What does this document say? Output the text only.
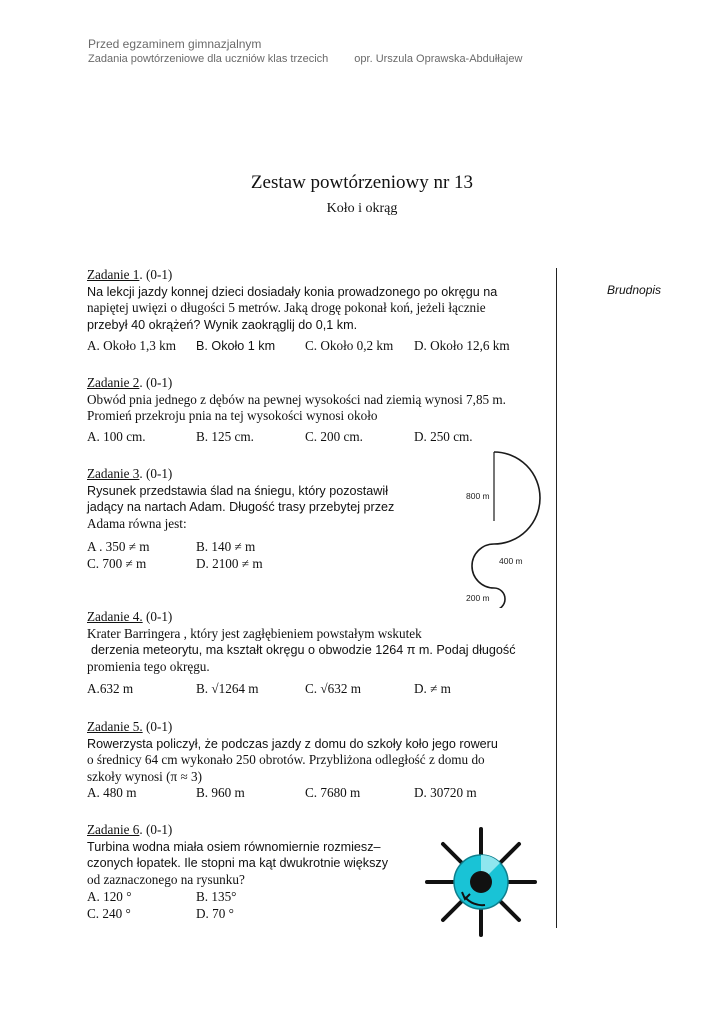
Przed egzaminem gimnazjalnym
Zadania powtórzeniowe dla uczniów klas trzecich opr. Urszula Oprawska-Abdułłajew
Zestaw powtórzeniowy nr 13
Koło i okrąg
Brudnopis
Zadanie 1. (0-1)
Na lekcji jazdy konnej dzieci dosiadały konia prowadzonego po okręgu na
napiętej uwięzi o długości 5 metrów. Jaką drogę pokonał koń, jeżeli łącznie
przebył 40 okrążeń? Wynik zaokrąglij do 0,1 km.
A. Około 1,3 km B. Około 1 km C. Około 0,2 km D. Około 12,6 km
Zadanie 2. (0-1)
Obwód pnia jednego z dębów na pewnej wysokości nad ziemią wynosi 7,85 m.
Promień przekroju pnia na tej wysokości wynosi około
A. 100 cm.	B. 125 cm.	C. 200 cm.	D. 250 cm.
Zadanie 3. (0-1)
Rysunek przedstawia ślad na śniegu, który pozostawił
jadący na nartach Adam. Długość trasy przebytej przez
Adama równa jest:
A . 350 ≠ m	B. 140 ≠ m
C. 700 ≠ m	D. 2100 ≠ m
800 m
400 m
200 m
Zadanie 4. (0-1)
Krater Barringera , który jest zagłębieniem powstałym wskutek
derzenia meteorytu, ma kształt okręgu o obwodzie 1264 π m. Podaj długość
promienia tego okręgu.
A.632 m	B. √1264 m	C. √632 m	D. ≠ m
Zadanie 5. (0-1)
Rowerzysta policzył, że podczas jazdy z domu do szkoły koło jego roweru
o średnicy 64 cm wykonało 250 obrotów. Przybliżona odległość z domu do
szkoły wynosi (π ≈ 3)
A. 480 m	B. 960 m	C. 7680 m	D. 30720 m
Zadanie 6. (0-1)
Turbina wodna miała osiem równomiernie rozmiesz–
czonych łopatek. Ile stopni ma kąt dwukrotnie większy
od zaznaczonego na rysunku?
A. 120 °	B. 135°
C. 240 °	D. 70 °
